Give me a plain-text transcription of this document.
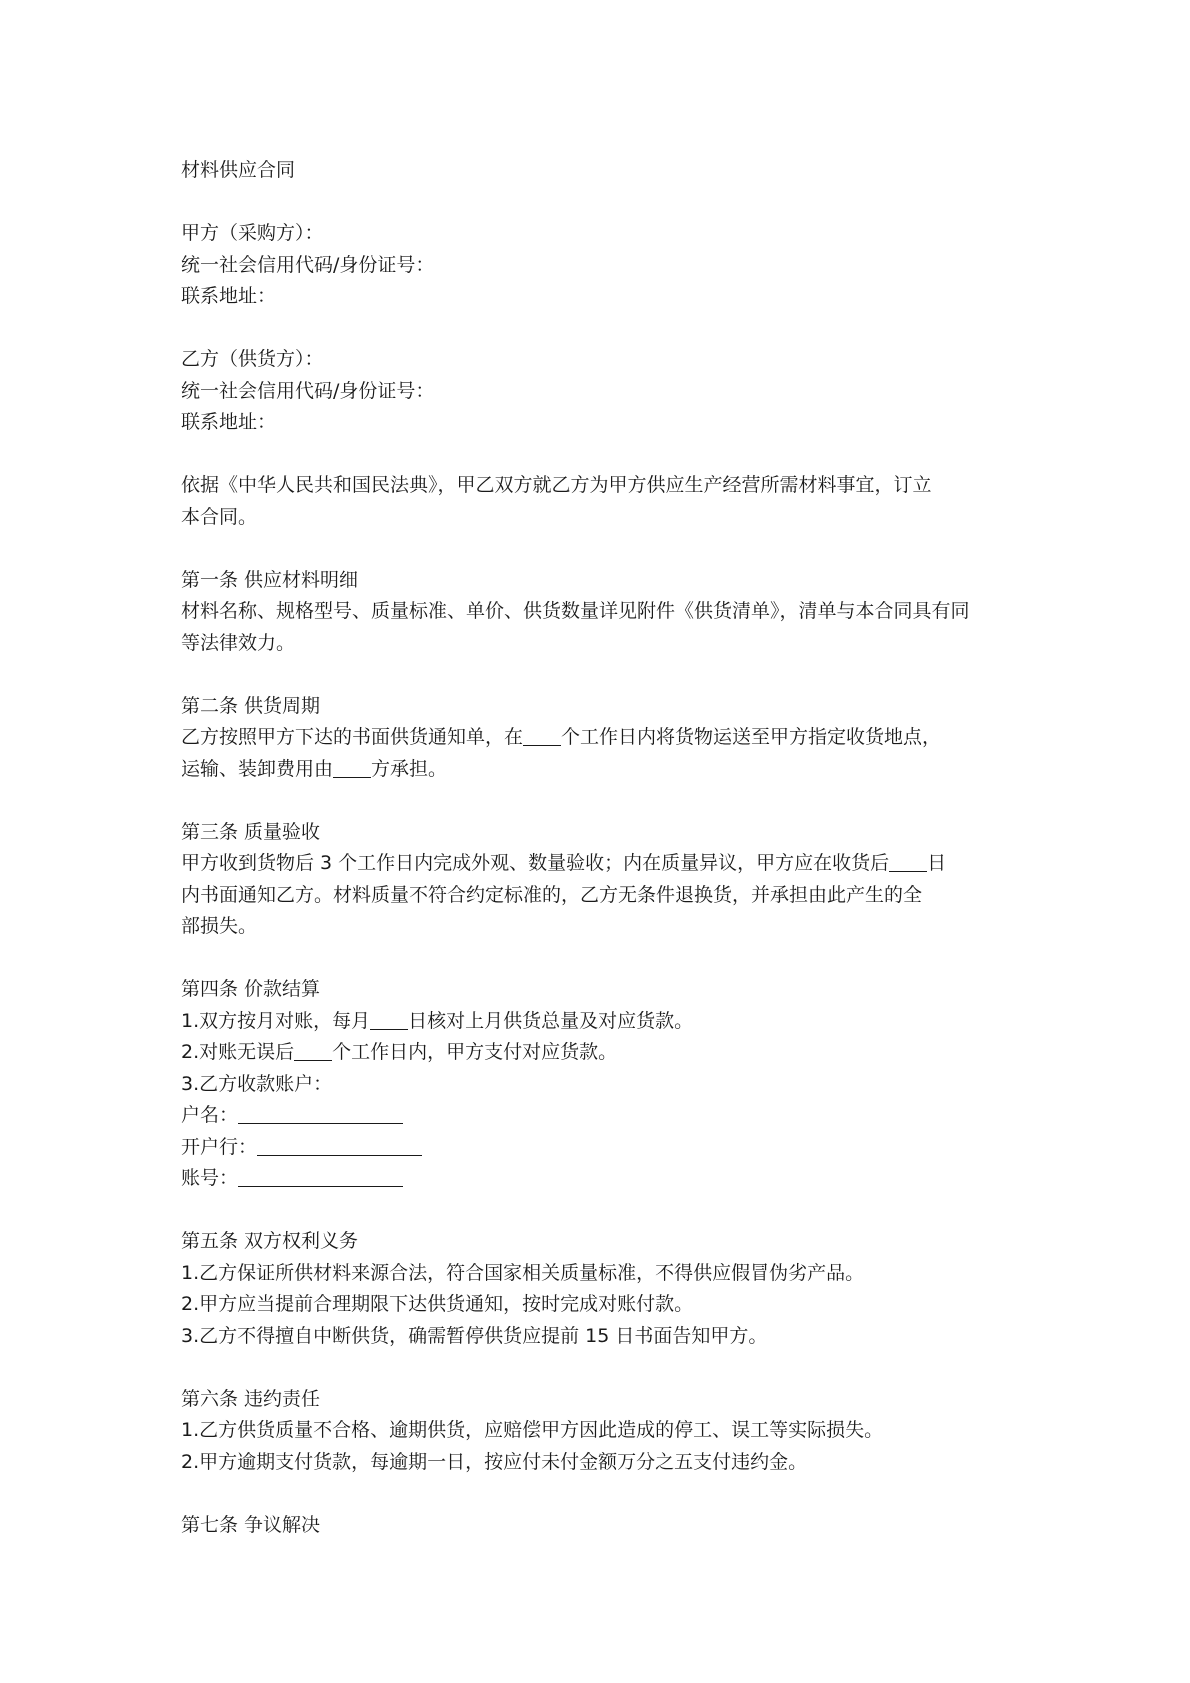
材料供应合同

甲方（采购方）：

统一社会信用代码/身份证号：

联系地址：

乙方（供货方）：

统一社会信用代码/身份证号：

联系地址：

依据《中华人民共和国民法典》，甲乙双方就乙方为甲方供应生产经营所需材料事宜，订立

本合同。

第一条 供应材料明细

材料名称、规格型号、质量标准、单价、供货数量详见附件《供货清单》，清单与本合同具有同

等法律效力。

第二条 供货周期

乙方按照甲方下达的书面供货通知单，在 个工作日内将货物运送至甲方指定收货地点，

运输、装卸费用由 方承担。

第三条 质量验收

甲方收到货物后 3 个工作日内完成外观、数量验收；内在质量异议，甲方应在收货后 日

内书面通知乙方。材料质量不符合约定标准的，乙方无条件退换货，并承担由此产生的全

部损失。

第四条 价款结算

1.双方按月对账，每月 日核对上月供货总量及对应货款。

2.对账无误后 个工作日内，甲方支付对应货款。

3.乙方收款账户：

户名：

开户行：

账号：

第五条 双方权利义务

1.乙方保证所供材料来源合法，符合国家相关质量标准，不得供应假冒伪劣产品。

2.甲方应当提前合理期限下达供货通知，按时完成对账付款。

3.乙方不得擅自中断供货，确需暂停供货应提前 15 日书面告知甲方。

第六条 违约责任

1.乙方供货质量不合格、逾期供货，应赔偿甲方因此造成的停工、误工等实际损失。

2.甲方逾期支付货款，每逾期一日，按应付未付金额万分之五支付违约金。

第七条 争议解决
